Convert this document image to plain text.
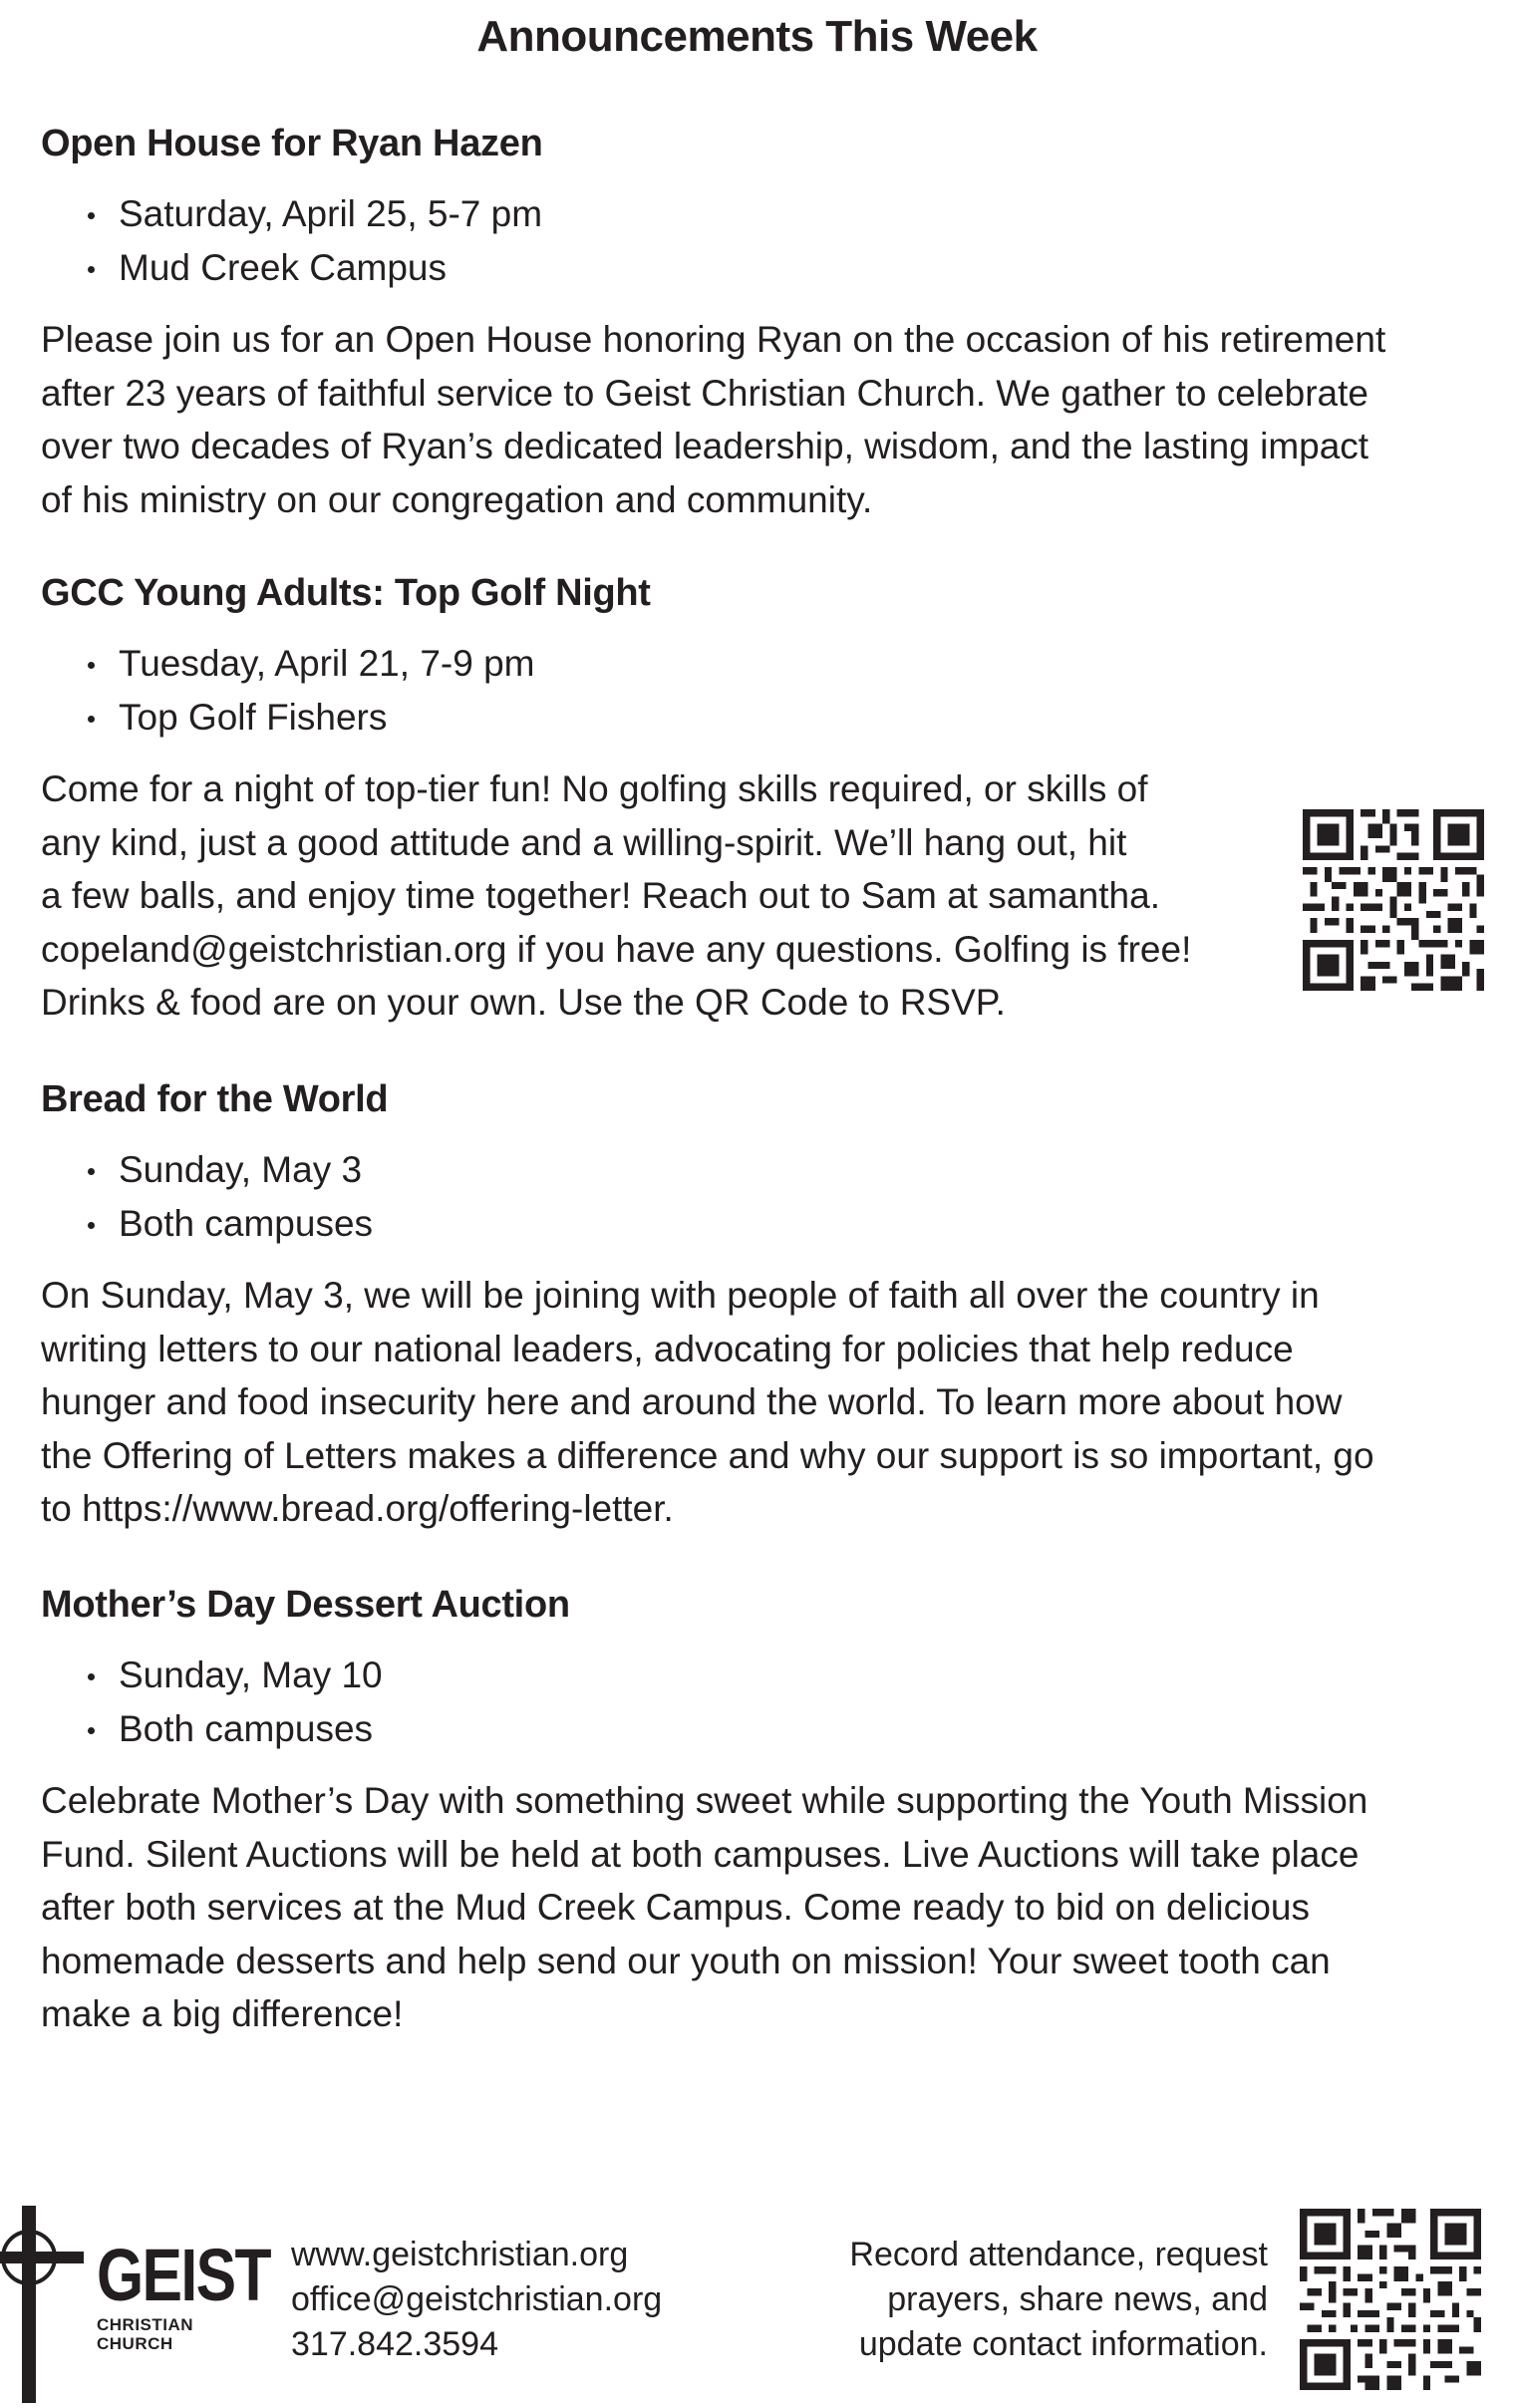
Announcements This Week
Open House for Ryan Hazen
Saturday, April 25, 5-7 pm
Mud Creek Campus

Please join us for an Open House honoring Ryan on the occasion of his retirement
after 23 years of faithful service to Geist Christian Church. We gather to celebrate
over two decades of Ryan’s dedicated leadership, wisdom, and the lasting impact
of his ministry on our congregation and community.

GCC Young Adults: Top Golf Night
Tuesday, April 21, 7-9 pm
Top Golf Fishers

Come for a night of top-tier fun! No golfing skills required, or skills of
any kind, just a good attitude and a willing-spirit. We’ll hang out, hit
a few balls, and enjoy time together! Reach out to Sam at samantha.
copeland@geistchristian.org if you have any questions. Golfing is free!
Drinks & food are on your own. Use the QR Code to RSVP.

Bread for the World
Sunday, May 3
Both campuses

On Sunday, May 3, we will be joining with people of faith all over the country in
writing letters to our national leaders, advocating for policies that help reduce
hunger and food insecurity here and around the world. To learn more about how
the Offering of Letters makes a difference and why our support is so important, go
to https://www.bread.org/offering-letter.

Mother’s Day Dessert Auction
Sunday, May 10
Both campuses

Celebrate Mother’s Day with something sweet while supporting the Youth Mission
Fund. Silent Auctions will be held at both campuses. Live Auctions will take place
after both services at the Mud Creek Campus. Come ready to bid on delicious
homemade desserts and help send our youth on mission! Your sweet tooth can
make a big difference!

GEIST
CHRISTIAN
CHURCH
www.geistchristian.org
office@geistchristian.org
317.842.3594
Record attendance, request
prayers, share news, and
update contact information.
